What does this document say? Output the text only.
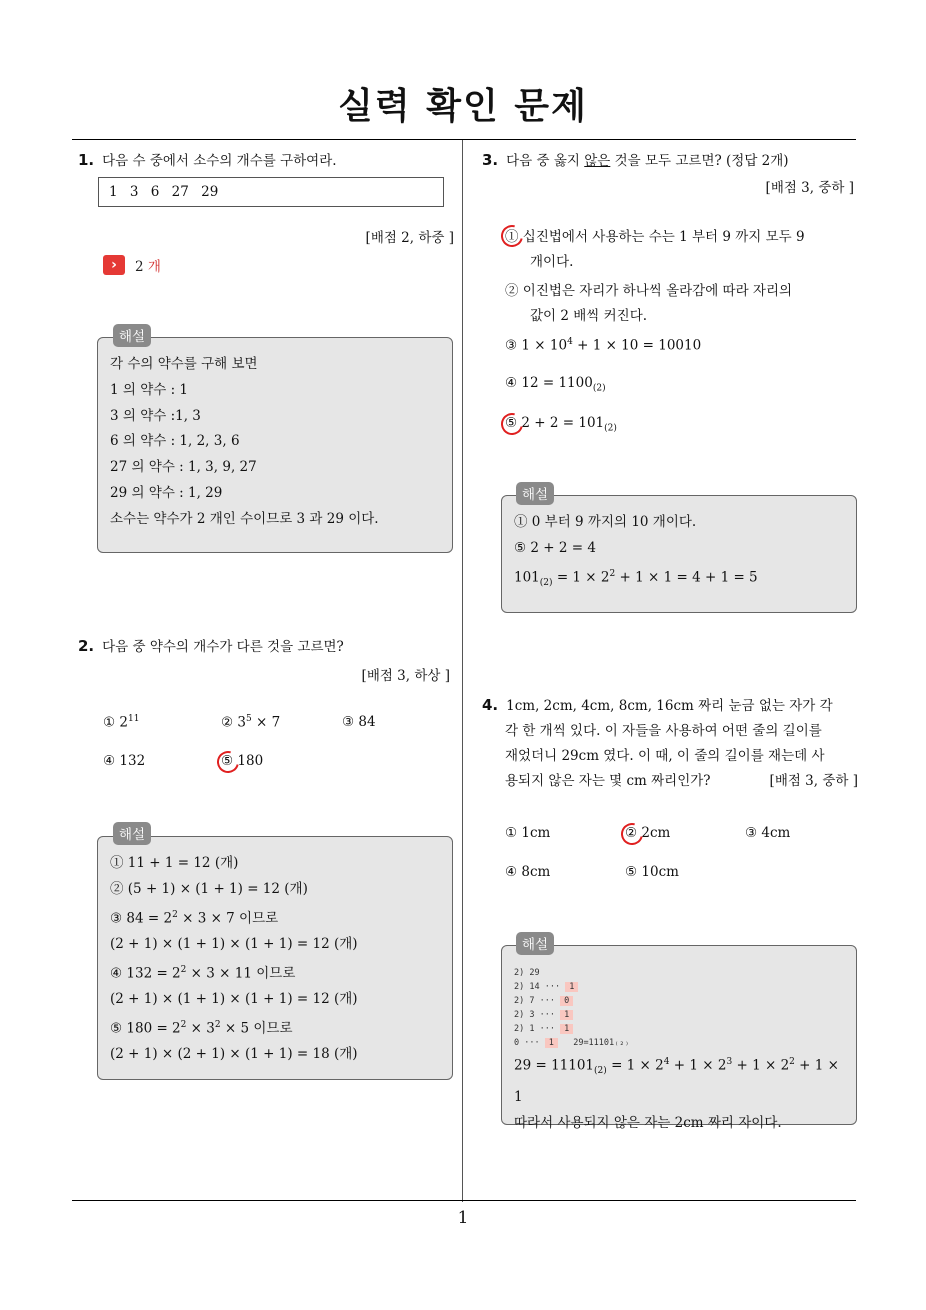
실력 확인 문제
1. 다음 수 중에서 소수의 개수를 구하여라.
1 3 6 27 29
[배점 2, 하중 ]
›	2 개
각 수의 약수를 구해 보면
1 의 약수 : 1
3 의 약수 :1, 3
6 의 약수 : 1, 2, 3, 6
27 의 약수 : 1, 3, 9, 27
29 의 약수 : 1, 29
소수는 약수가 2 개인 수이므로 3 과 29 이다.
해설
2. 다음 중 약수의 개수가 다른 것을 고르면?
[배점 3, 하상 ]
① $2^{11}$	② $3^5 \times 7$	③ 84
④ 132	⑤ 180
① 11 + 1 = 12 (개)
② (5 + 1) × (1 + 1) = 12 (개)
③ $84 = 2^2 \times 3 \times 7$ 이므로
(2 + 1) × (1 + 1) × (1 + 1) = 12 (개)
④ $132 = 2^2 \times 3 \times 11$ 이므로
(2 + 1) × (1 + 1) × (1 + 1) = 12 (개)
⑤ $180 = 2^2 \times 3^2 \times 5$ 이므로
(2 + 1) × (2 + 1) × (1 + 1) = 18 (개)
해설
3. 다음 중 옳지 않은 것을 모두 고르면? (정답 2개)
[배점 3, 중하 ]
① 십진법에서 사용하는 수는 1 부터 9 까지 모두 9
개이다.
② 이진법은 자리가 하나씩 올라감에 따라 자리의
값이 2 배씩 커진다.
③ $1 \times 10^4 + 1 \times 10 = 10010$
④ $12 = 1100_{(2)}$
⑤ $2 + 2 = 101_{(2)}$
① 0 부터 9 까지의 10 개이다.
⑤ 2 + 2 = 4
$101_{(2)} = 1 \times 2^2 + 1 \times 1 = 4 + 1 = 5$
해설
4. 1cm, 2cm, 4cm, 8cm, 16cm 짜리 눈금 없는 자가 각
각 한 개씩 있다. 이 자들을 사용하여 어떤 줄의 길이를
재었더니 29cm 였다. 이 때, 이 줄의 길이를 재는데 사
용되지 않은 자는 몇 cm 짜리인가?	[배점 3, 중하 ]
① 1cm	② 2cm	③ 4cm
④ 8cm	⑤ 10cm
2) 29
2) 14 ··· 1
2) 7 ··· 0
2) 3 ··· 1
2) 1 ··· 1
0 ··· 1 29=11101₍₂₎
$29 = 11101_{(2)} = 1 \times 2^4 + 1 \times 2^3 + 1 \times 2^2 + 1 \times 1$
따라서 사용되지 않은 자는 2cm 짜리 자이다.
해설
1
